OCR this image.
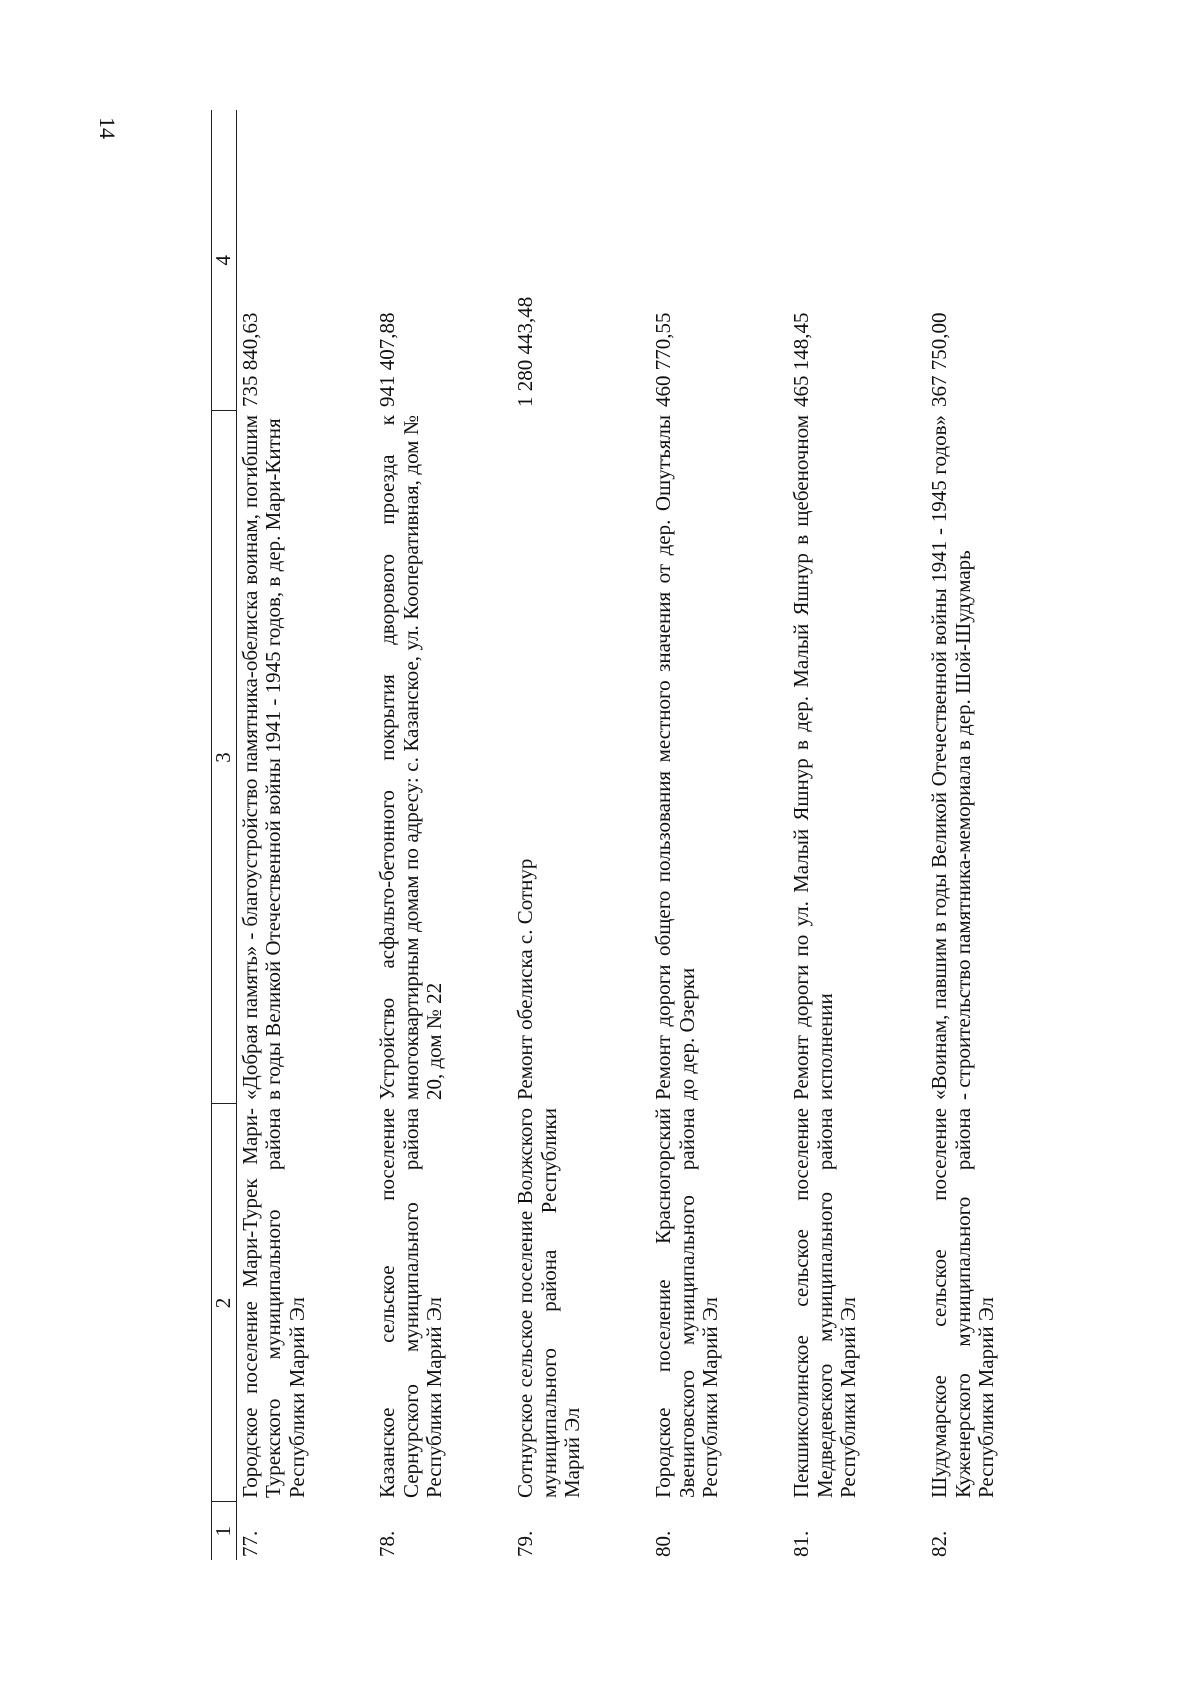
14
1	2	3	4
77.	Городское поселение Мари-Турек Мари-Турекского муниципального района Республики Марий Эл	«Добрая память» - благоустройство памятника-обелиска воинам, погибшим в годы Великой Отечественной войны 1941 - 1945 годов, в дер. Мари-Китня	735 840,63
78.	Казанское сельское поселение Сернурского муниципального района Республики Марий Эл	Устройство асфальто-бетонного покрытия дворового проезда к многоквартирным домам по адресу: с. Казанское, ул. Кооперативная, дом № 20, дом № 22	941 407,88
79.	Сотнурское сельское поселение Волжского муниципального района Республики Марий Эл	Ремонт обелиска с. Сотнур	1 280 443,48
80.	Городское поселение Красногорский Звениговского муниципального района Республики Марий Эл	Ремонт дороги общего пользования местного значения от дер. Ошутъялы до дер. Озерки	460 770,55
81.	Пекшиксолинское сельское поселение Медведевского муниципального района Республики Марий Эл	Ремонт дороги по ул. Малый Яшнур в дер. Малый Яшнур в щебеночном исполнении	465 148,45
82.	Шудумарское сельское поселение Куженерского муниципального района Республики Марий Эл	«Воинам, павшим в годы Великой Отечественной войны 1941 - 1945 годов» - строительство памятника-мемориала в дер. Шой-Шудумарь	367 750,00
